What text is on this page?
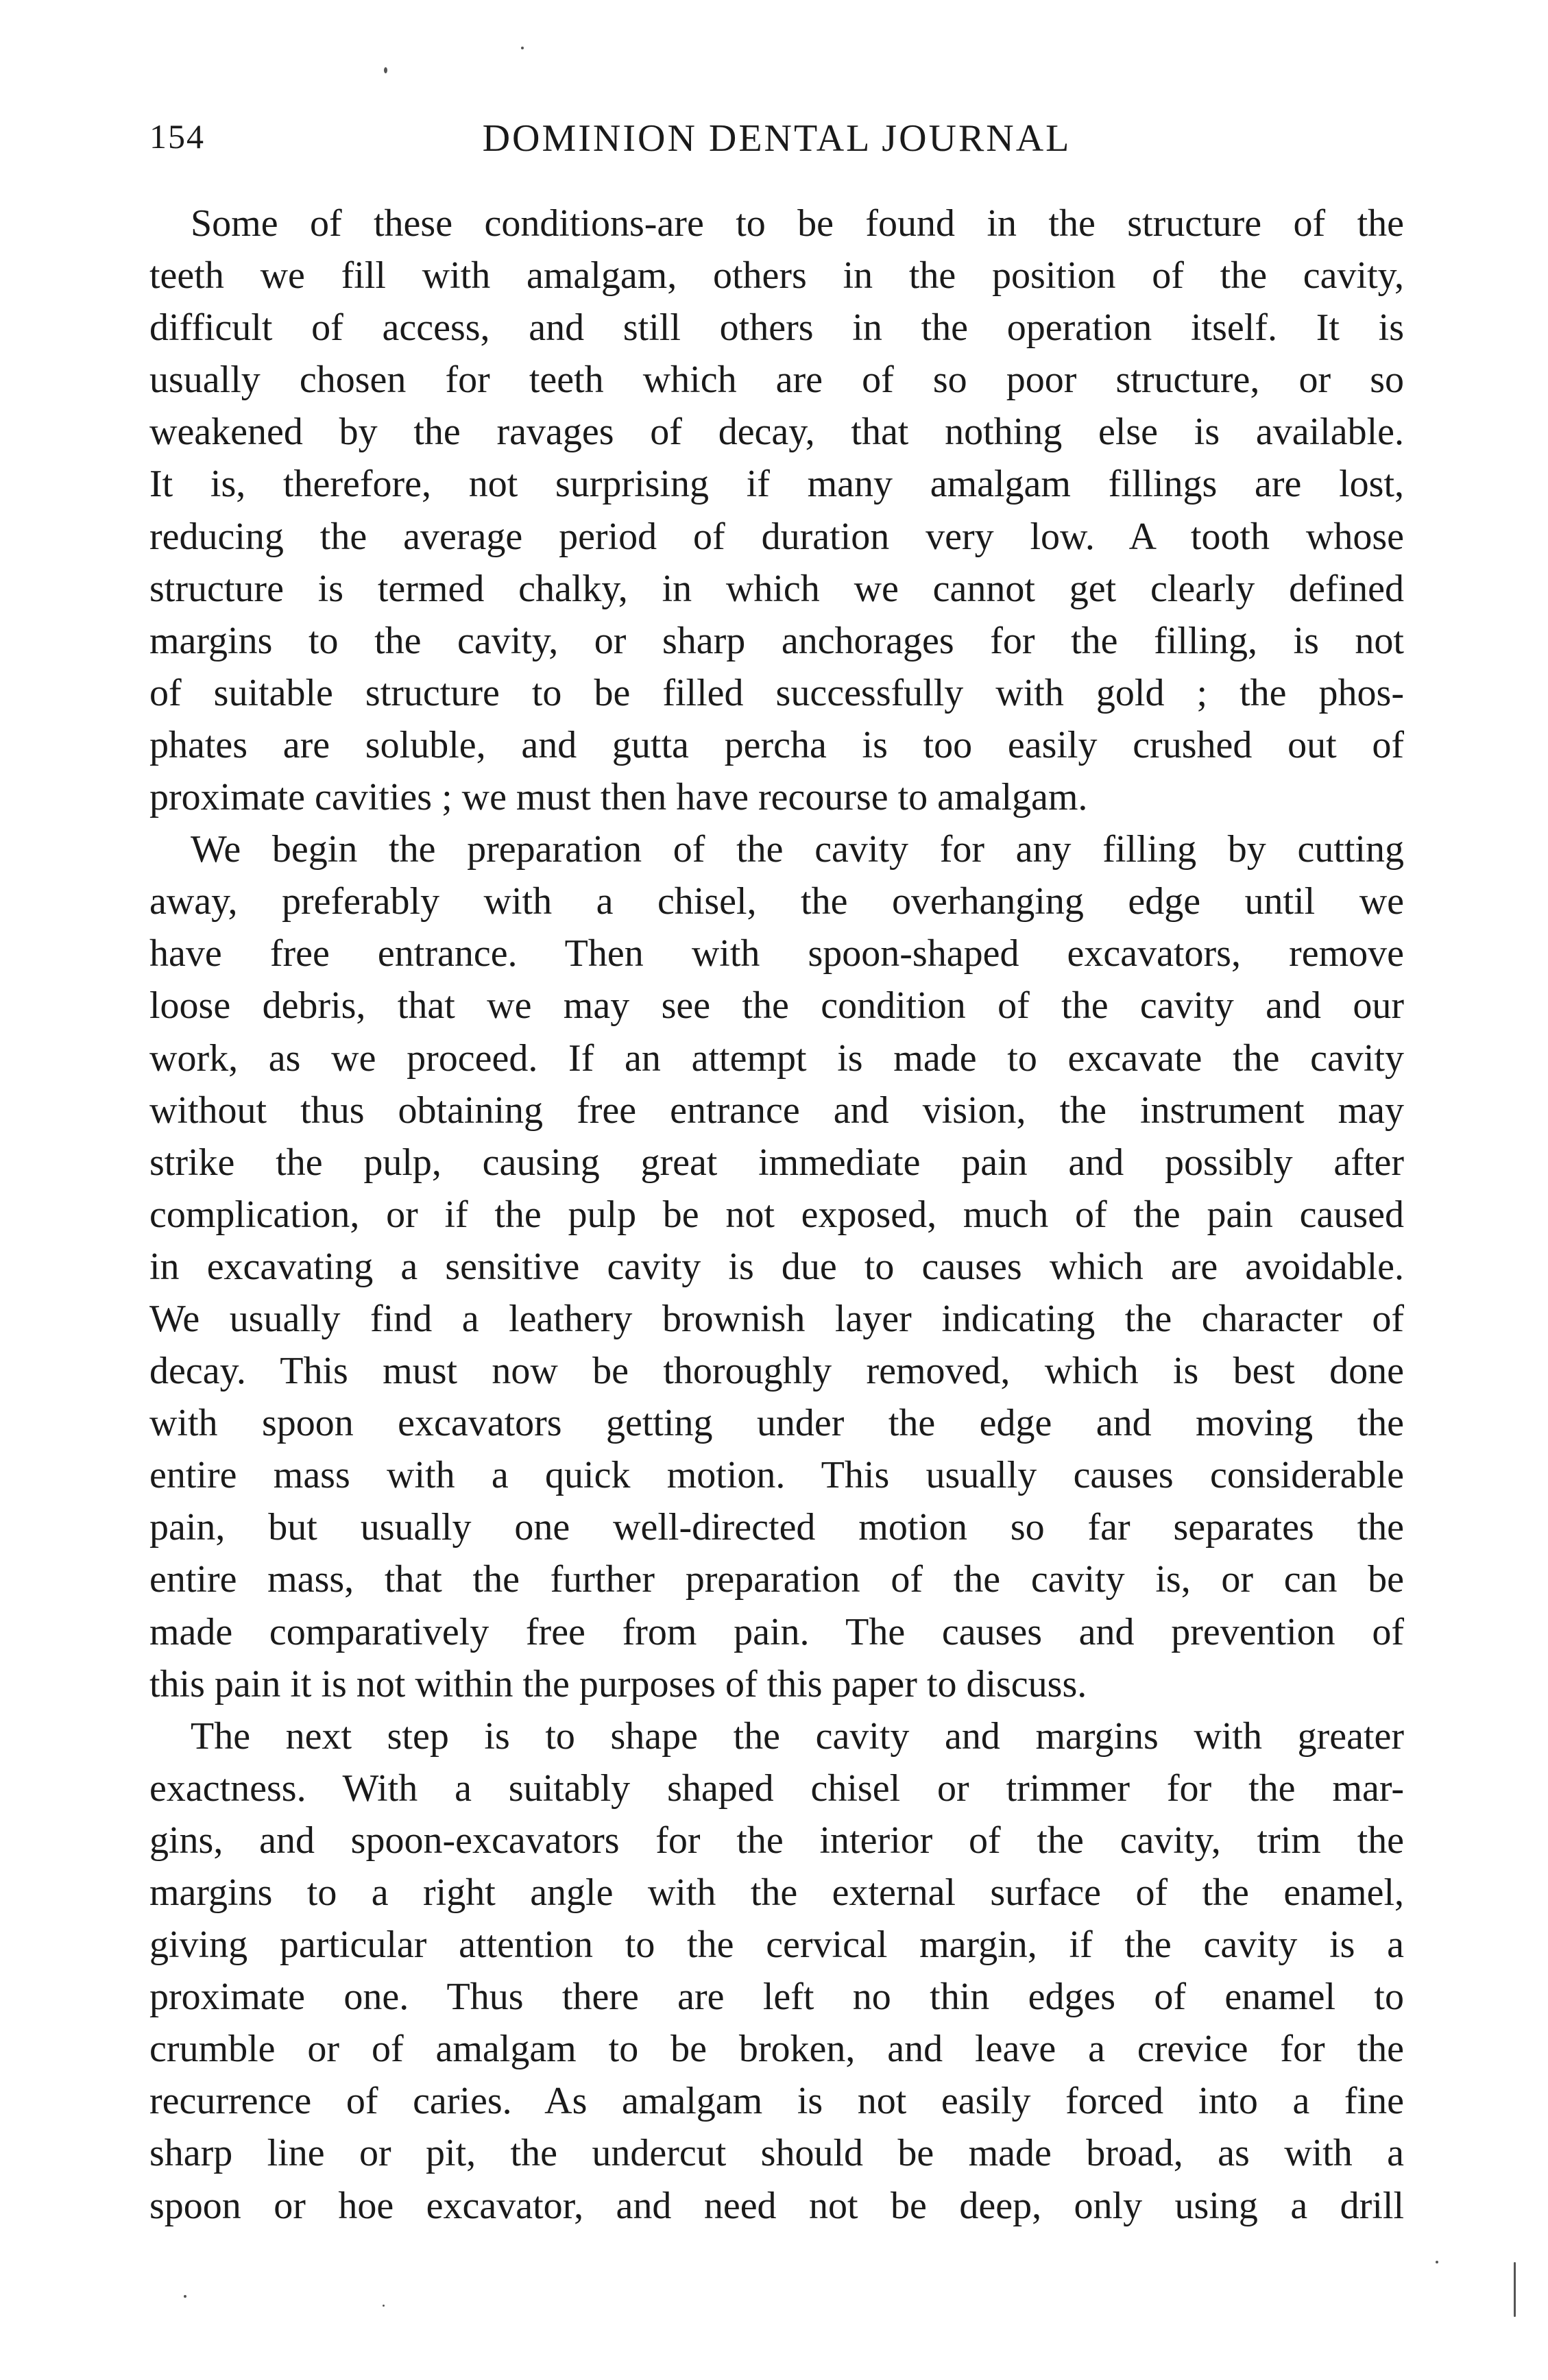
154	DOMINION DENTAL JOURNAL
Some of these conditions-are to be found in the structure of the
teeth we fill with amalgam, others in the position of the cavity,
difficult of access, and still others in the operation itself. It is
usually chosen for teeth which are of so poor structure, or so
weakened by the ravages of decay, that nothing else is available.
It is, therefore, not surprising if many amalgam fillings are lost,
reducing the average period of duration very low. A tooth whose
structure is termed chalky, in which we cannot get clearly defined
margins to the cavity, or sharp anchorages for the filling, is not
of suitable structure to be filled successfully with gold ; the phos-
phates are soluble, and gutta percha is too easily crushed out of
proximate cavities ; we must then have recourse to amalgam.
We begin the preparation of the cavity for any filling by cutting
away, preferably with a chisel, the overhanging edge until we
have free entrance. Then with spoon-shaped excavators, remove
loose debris, that we may see the condition of the cavity and our
work, as we proceed. If an attempt is made to excavate the cavity
without thus obtaining free entrance and vision, the instrument may
strike the pulp, causing great immediate pain and possibly after
complication, or if the pulp be not exposed, much of the pain caused
in excavating a sensitive cavity is due to causes which are avoidable.
We usually find a leathery brownish layer indicating the character of
decay. This must now be thoroughly removed, which is best done
with spoon excavators getting under the edge and moving the
entire mass with a quick motion. This usually causes considerable
pain, but usually one well-directed motion so far separates the
entire mass, that the further preparation of the cavity is, or can be
made comparatively free from pain. The causes and prevention of
this pain it is not within the purposes of this paper to discuss.
The next step is to shape the cavity and margins with greater
exactness. With a suitably shaped chisel or trimmer for the mar-
gins, and spoon-excavators for the interior of the cavity, trim the
margins to a right angle with the external surface of the enamel,
giving particular attention to the cervical margin, if the cavity is a
proximate one. Thus there are left no thin edges of enamel to
crumble or of amalgam to be broken, and leave a crevice for the
recurrence of caries. As amalgam is not easily forced into a fine
sharp line or pit, the undercut should be made broad, as with a
spoon or hoe excavator, and need not be deep, only using a drill
